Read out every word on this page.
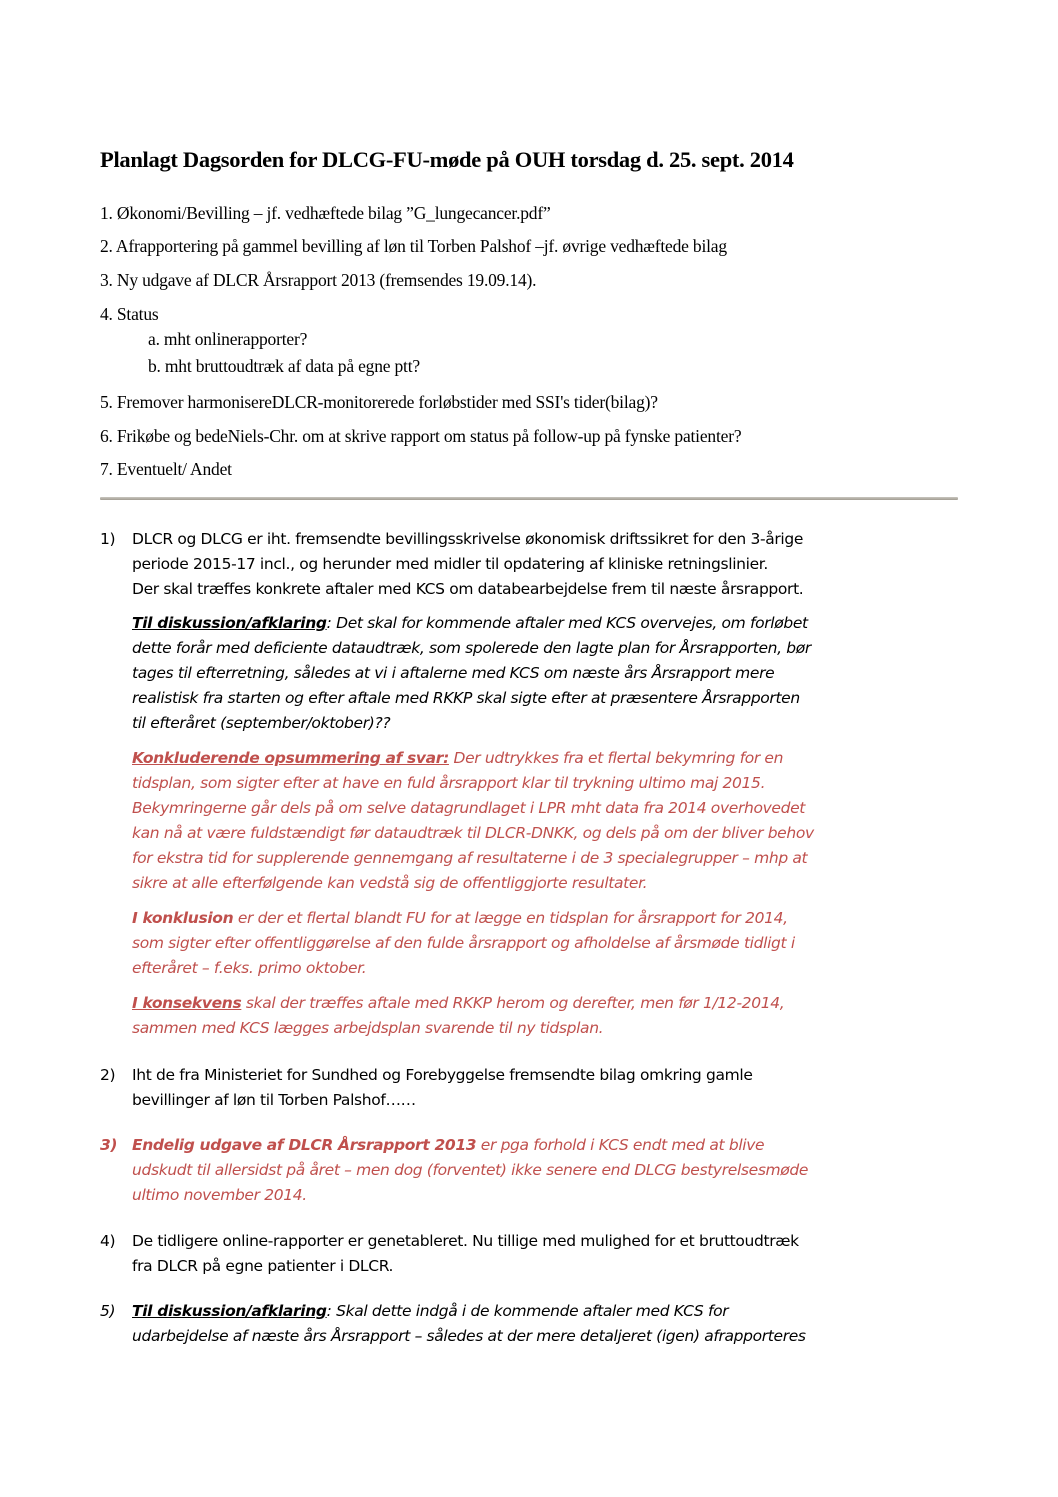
Planlagt Dagsorden for DLCG-FU-møde på OUH torsdag d. 25. sept. 2014
1. Økonomi/Bevilling – jf. vedhæftede bilag ”G_lungecancer.pdf”
2. Afrapportering på gammel bevilling af løn til Torben Palshof –jf. øvrige vedhæftede bilag
3. Ny udgave af DLCR Årsrapport 2013 (fremsendes 19.09.14).
4. Status
a. mht onlinerapporter?
b. mht bruttoudtræk af data på egne ptt?
5. Fremover harmonisereDLCR-monitorerede forløbstider med SSI's tider(bilag)?
6. Frikøbe og bedeNiels-Chr. om at skrive rapport om status på follow-up på fynske patienter?
7. Eventuelt/ Andet
1) DLCR og DLCG er iht. fremsendte bevillingsskrivelse økonomisk driftssikret for den 3-årige
periode 2015-17 incl., og herunder med midler til opdatering af kliniske retningslinier.
Der skal træffes konkrete aftaler med KCS om databearbejdelse frem til næste årsrapport.
Til diskussion/afklaring: Det skal for kommende aftaler med KCS overvejes, om forløbet
dette forår med deficiente dataudtræk, som spolerede den lagte plan for Årsrapporten, bør
tages til efterretning, således at vi i aftalerne med KCS om næste års Årsrapport mere
realistisk fra starten og efter aftale med RKKP skal sigte efter at præsentere Årsrapporten
til efteråret (september/oktober)??
Konkluderende opsummering af svar: Der udtrykkes fra et flertal bekymring for en
tidsplan, som sigter efter at have en fuld årsrapport klar til trykning ultimo maj 2015.
Bekymringerne går dels på om selve datagrundlaget i LPR mht data fra 2014 overhovedet
kan nå at være fuldstændigt før dataudtræk til DLCR-DNKK, og dels på om der bliver behov
for ekstra tid for supplerende gennemgang af resultaterne i de 3 specialegrupper – mhp at
sikre at alle efterfølgende kan vedstå sig de offentliggjorte resultater.
I konklusion er der et flertal blandt FU for at lægge en tidsplan for årsrapport for 2014,
som sigter efter offentliggørelse af den fulde årsrapport og afholdelse af årsmøde tidligt i
efteråret – f.eks. primo oktober.
I konsekvens skal der træffes aftale med RKKP herom og derefter, men før 1/12-2014,
sammen med KCS lægges arbejdsplan svarende til ny tidsplan.
2) Iht de fra Ministeriet for Sundhed og Forebyggelse fremsendte bilag omkring gamle
bevillinger af løn til Torben Palshof……
3) Endelig udgave af DLCR Årsrapport 2013 er pga forhold i KCS endt med at blive
udskudt til allersidst på året – men dog (forventet) ikke senere end DLCG bestyrelsesmøde
ultimo november 2014.
4) De tidligere online-rapporter er genetableret. Nu tillige med mulighed for et bruttoudtræk
fra DLCR på egne patienter i DLCR.
5) Til diskussion/afklaring: Skal dette indgå i de kommende aftaler med KCS for
udarbejdelse af næste års Årsrapport – således at der mere detaljeret (igen) afrapporteres
